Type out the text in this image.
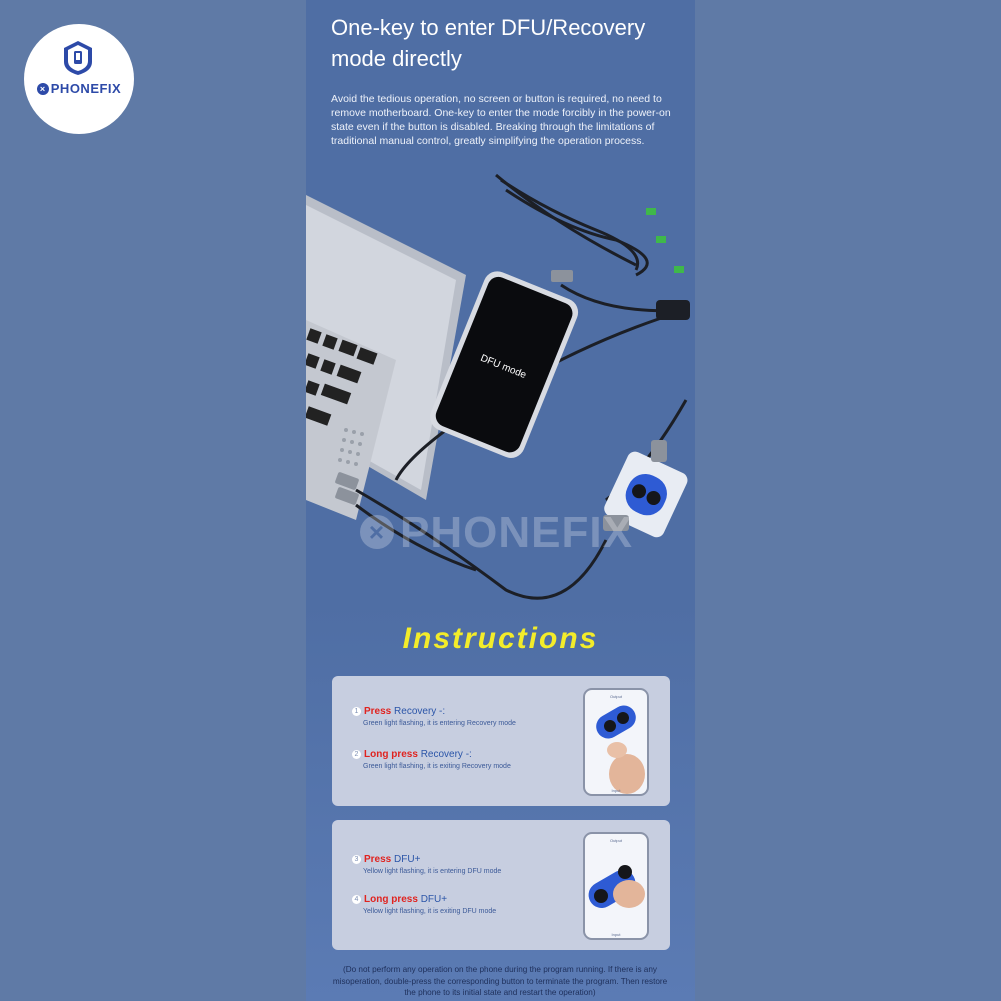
× PHONEFIX
One-key to enter DFU/Recovery mode directly
Avoid the tedious operation, no screen or button is required, no need to remove motherboard. One-key to enter the mode forcibly in the power-on state even if the button is disabled. Breaking through the limitations of traditional manual control, greatly simplifying the operation process.
DFU mode
× PHONEFIX
Instructions
1 Press Recovery -:
Green light flashing, it is entering Recovery mode
2 Long press Recovery -:
Green light flashing, it is exiting Recovery mode
Output
Input
3 Press DFU+
Yellow light flashing, it is entering DFU mode
4 Long press DFU+
Yellow light flashing, it is exiting DFU mode
Output
Input
(Do not perform any operation on the phone during the program running. If there is any misoperation, double-press the corresponding button to terminate the program. Then restore the phone to its initial state and restart the operation)
